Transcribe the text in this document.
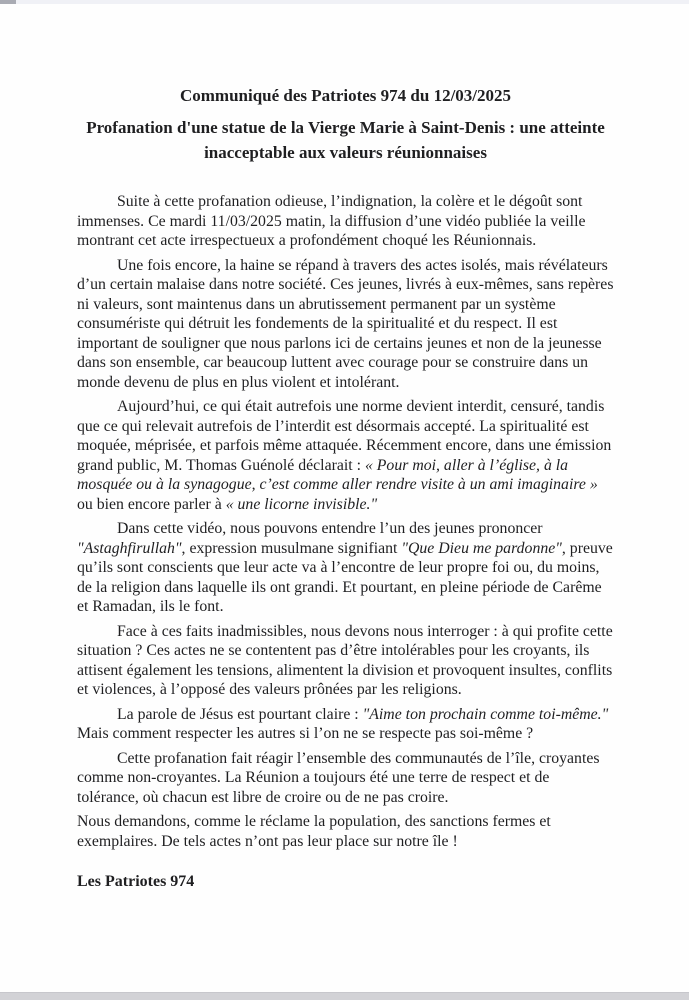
Communiqué des Patriotes 974 du 12/03/2025
Profanation d'une statue de la Vierge Marie à Saint-Denis : une atteinte inacceptable aux valeurs réunionnaises

Suite à cette profanation odieuse, l’indignation, la colère et le dégoût sont immenses. Ce mardi 11/03/2025 matin, la diffusion d’une vidéo publiée la veille montrant cet acte irrespectueux a profondément choqué les Réunionnais.

Une fois encore, la haine se répand à travers des actes isolés, mais révélateurs d’un certain malaise dans notre société. Ces jeunes, livrés à eux-mêmes, sans repères ni valeurs, sont maintenus dans un abrutissement permanent par un système consumériste qui détruit les fondements de la spiritualité et du respect. Il est important de souligner que nous parlons ici de certains jeunes et non de la jeunesse dans son ensemble, car beaucoup luttent avec courage pour se construire dans un monde devenu de plus en plus violent et intolérant.

Aujourd’hui, ce qui était autrefois une norme devient interdit, censuré, tandis que ce qui relevait autrefois de l’interdit est désormais accepté. La spiritualité est moquée, méprisée, et parfois même attaquée. Récemment encore, dans une émission grand public, M. Thomas Guénolé déclarait : « Pour moi, aller à l’église, à la mosquée ou à la synagogue, c’est comme aller rendre visite à un ami imaginaire » ou bien encore parler à « une licorne invisible."

Dans cette vidéo, nous pouvons entendre l’un des jeunes prononcer "Astaghfirullah", expression musulmane signifiant "Que Dieu me pardonne", preuve qu’ils sont conscients que leur acte va à l’encontre de leur propre foi ou, du moins, de la religion dans laquelle ils ont grandi. Et pourtant, en pleine période de Carême et Ramadan, ils le font.

Face à ces faits inadmissibles, nous devons nous interroger : à qui profite cette situation ? Ces actes ne se contentent pas d’être intolérables pour les croyants, ils attisent également les tensions, alimentent la division et provoquent insultes, conflits et violences, à l’opposé des valeurs prônées par les religions.

La parole de Jésus est pourtant claire : "Aime ton prochain comme toi-même." Mais comment respecter les autres si l’on ne se respecte pas soi-même ?

Cette profanation fait réagir l’ensemble des communautés de l’île, croyantes comme non-croyantes. La Réunion a toujours été une terre de respect et de tolérance, où chacun est libre de croire ou de ne pas croire.

Nous demandons, comme le réclame la population, des sanctions fermes et exemplaires. De tels actes n’ont pas leur place sur notre île !

Les Patriotes 974
